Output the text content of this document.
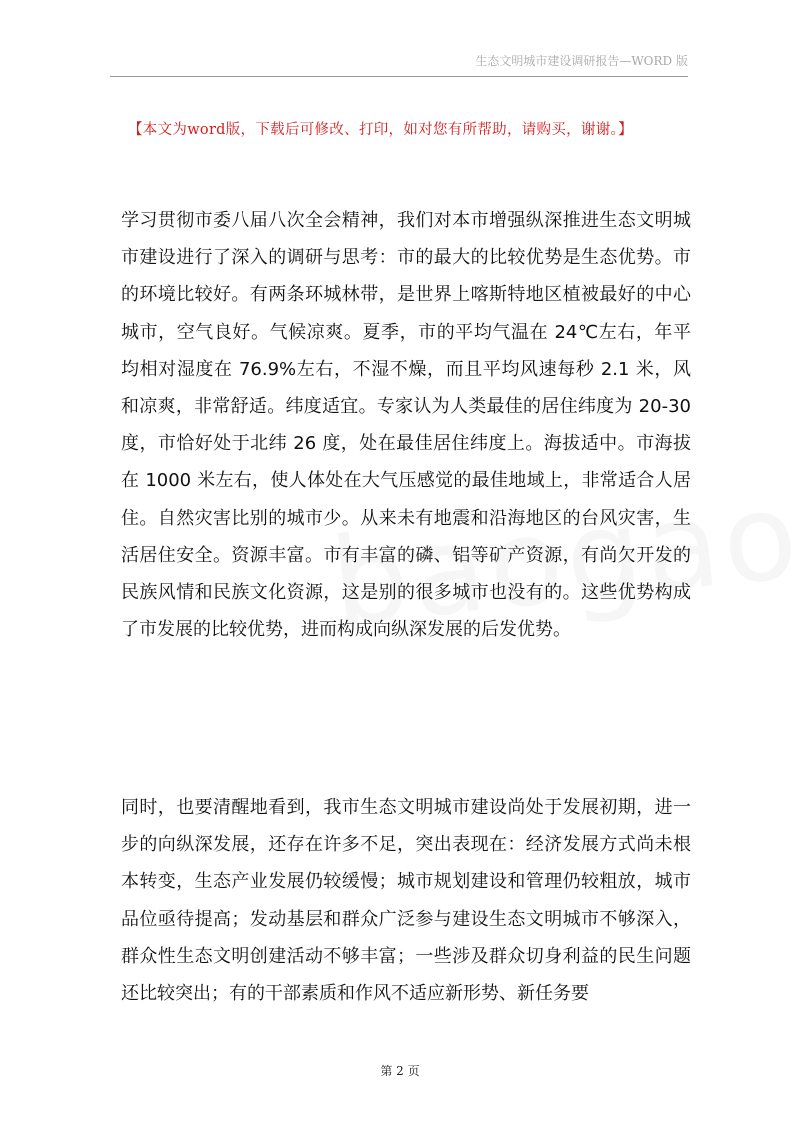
生态文明城市建设调研报告—WORD 版
【本文为word版，下载后可修改、打印，如对您有所帮助，请购买，谢谢。】

学习贯彻市委八届八次全会精神，我们对本市增强纵深推进生态文明城市建设进行了深入的调研与思考：市的最大的比较优势是生态优势。市的环境比较好。有两条环城林带，是世界上喀斯特地区植被最好的中心城市，空气良好。气候凉爽。夏季，市的平均气温在 24℃左右，年平均相对湿度在 76.9%左右，不湿不燥，而且平均风速每秒 2.1 米，风和凉爽，非常舒适。纬度适宜。专家认为人类最佳的居住纬度为 20-30 度，市恰好处于北纬 26 度，处在最佳居住纬度上。海拔适中。市海拔在 1000 米左右，使人体处在大气压感觉的最佳地域上，非常适合人居住。自然灾害比别的城市少。从来未有地震和沿海地区的台风灾害，生活居住安全。资源丰富。市有丰富的磷、铝等矿产资源，有尚欠开发的民族风情和民族文化资源，这是别的很多城市也没有的。这些优势构成了市发展的比较优势，进而构成向纵深发展的后发优势。

同时，也要清醒地看到，我市生态文明城市建设尚处于发展初期，进一步的向纵深发展，还存在许多不足，突出表现在：经济发展方式尚未根本转变，生态产业发展仍较缓慢；城市规划建设和管理仍较粗放，城市品位亟待提高；发动基层和群众广泛参与建设生态文明城市不够深入，群众性生态文明创建活动不够丰富；一些涉及群众切身利益的民生问题还比较突出；有的干部素质和作风不适应新形势、新任务要

第 2 页
